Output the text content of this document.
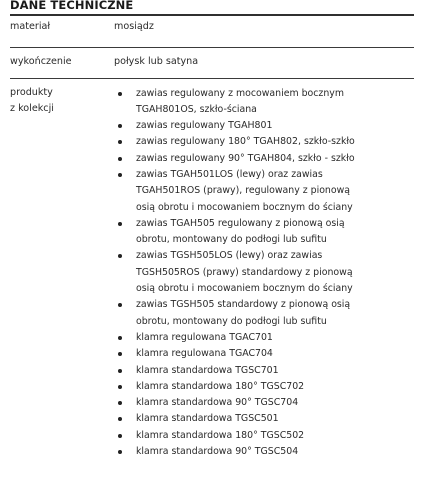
DANE TECHNICZNE
materiał	mosiądz
wykończenie	połysk lub satyna
produkty
z kolekcji
zawias regulowany z mocowaniem bocznym TGAH801OS, szkło-ściana
zawias regulowany TGAH801
zawias regulowany 180° TGAH802, szkło-szkło
zawias regulowany 90° TGAH804, szkło - szkło
zawias TGAH501LOS (lewy) oraz zawias TGAH501ROS (prawy), regulowany z pionową osią obrotu i mocowaniem bocznym do ściany
zawias TGAH505 regulowany z pionową osią obrotu, montowany do podłogi lub sufitu
zawias TGSH505LOS (lewy) oraz zawias TGSH505ROS (prawy) standardowy z pionową osią obrotu i mocowaniem bocznym do ściany
zawias TGSH505 standardowy z pionową osią obrotu, montowany do podłogi lub sufitu
klamra regulowana TGAC701
klamra regulowana TGAC704
klamra standardowa TGSC701
klamra standardowa 180° TGSC702
klamra standardowa 90° TGSC704
klamra standardowa TGSC501
klamra standardowa 180° TGSC502
klamra standardowa 90° TGSC504
